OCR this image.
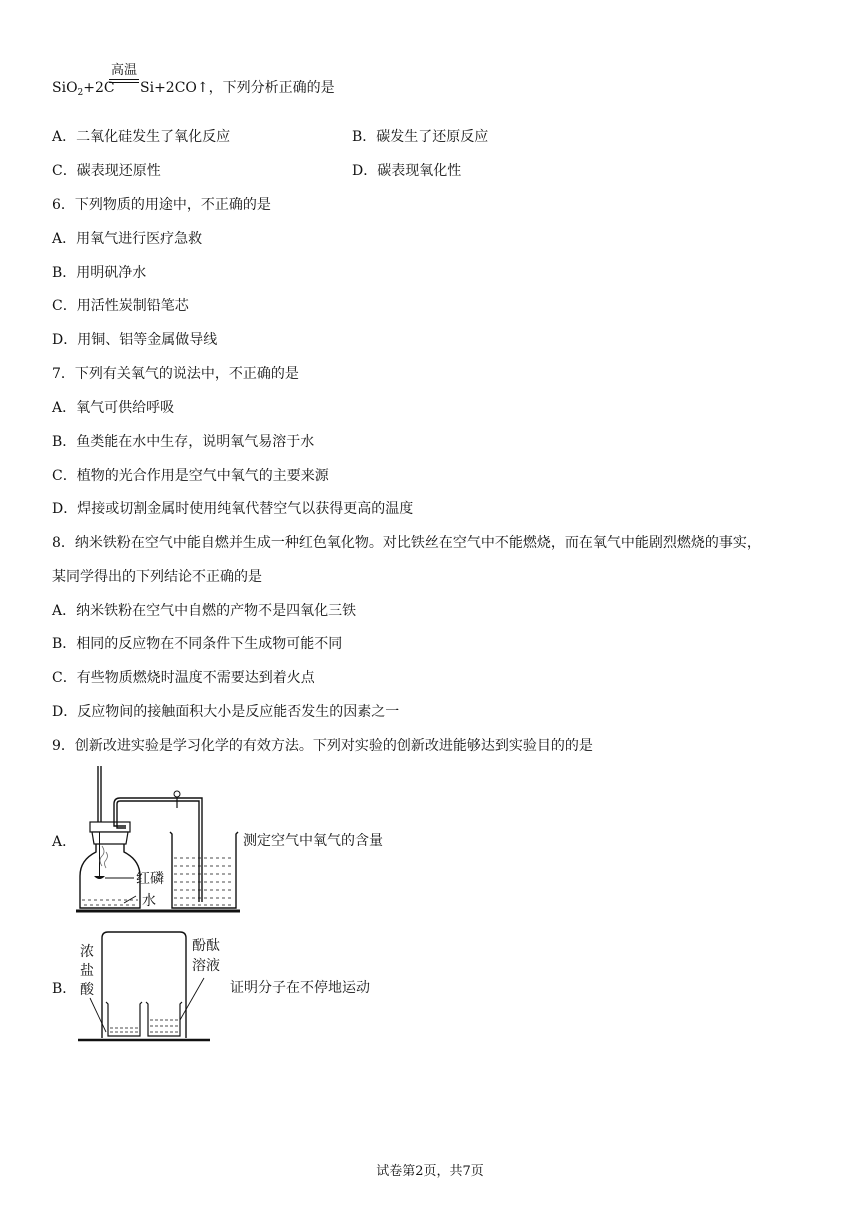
SiO$_2$+2C
高温
Si+2CO↑，下列分析正确的是
A．二氧化硅发生了氧化反应	B．碳发生了还原反应
C．碳表现还原性	D．碳表现氧化性
6．下列物质的用途中，不正确的是
A．用氧气进行医疗急救
B．用明矾净水
C．用活性炭制铅笔芯
D．用铜、铝等金属做导线
7．下列有关氧气的说法中，不正确的是
A．氧气可供给呼吸
B．鱼类能在水中生存，说明氧气易溶于水
C．植物的光合作用是空气中氧气的主要来源
D．焊接或切割金属时使用纯氧代替空气以获得更高的温度
8．纳米铁粉在空气中能自燃并生成一种红色氧化物。对比铁丝在空气中不能燃烧，而在氧气中能剧烈燃烧的事实，
某同学得出的下列结论不正确的是
A．纳米铁粉在空气中自燃的产物不是四氧化三铁
B．相同的反应物在不同条件下生成物可能不同
C．有些物质燃烧时温度不需要达到着火点
D．反应物间的接触面积大小是反应能否发生的因素之一
9．创新改进实验是学习化学的有效方法。下列对实验的创新改进能够达到实验目的的是
A．
红磷
水
测定空气中氧气的含量
B．
浓
盐
酸
酚酞
溶液
证明分子在不停地运动
试卷第2页，共7页
